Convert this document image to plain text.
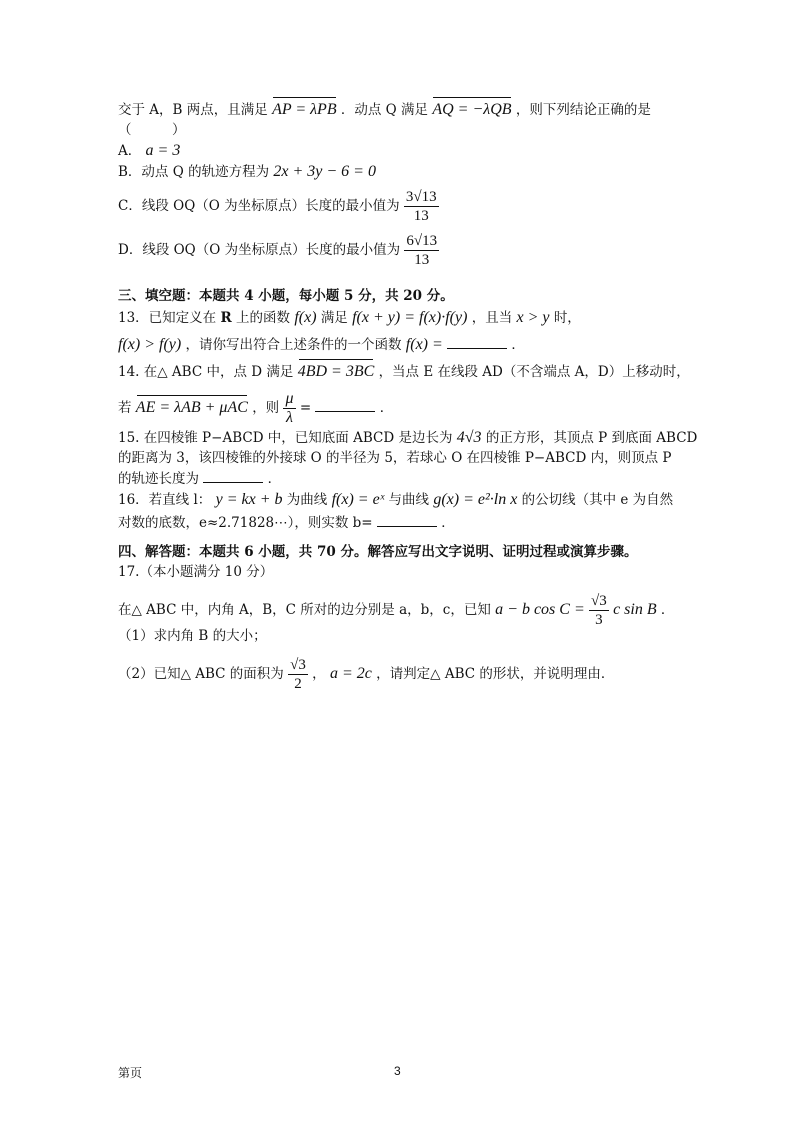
交于 A，B 两点，且满足 AP = λPB ．动点 Q 满足 AQ = −λQB ，则下列结论正确的是
（　　　）
A． a = 3
B．动点 Q 的轨迹方程为 2x + 3y − 6 = 0
C．线段 OQ（O 为坐标原点）长度的最小值为 $\frac{3√13}{13}$
D．线段 OQ（O 为坐标原点）长度的最小值为 $\frac{6√13}{13}$
三、填空题：本题共 4 小题，每小题 5 分，共 20 分。
13．已知定义在 R 上的函数 f(x) 满足 f(x + y) = f(x)·f(y) ，且当 x > y 时，
f(x) > f(y) ，请你写出符合上述条件的一个函数 f(x) =	．
14. 在△ ABC 中，点 D 满足 4BD = 3BC ，当点 E 在线段 AD（不含端点 A，D）上移动时，
若 AE = λAB + μAC ，则 $\frac{\mu}{\lambda}$ =	．
15. 在四棱锥 P−ABCD 中，已知底面 ABCD 是边长为 4√3 的正方形，其顶点 P 到底面 ABCD
的距离为 3，该四棱锥的外接球 O 的半径为 5，若球心 O 在四棱锥 P−ABCD 内，则顶点 P
的轨迹长度为	．
16．若直线 l： y = kx + b 为曲线 f(x) = eˣ 与曲线 g(x) = e²·ln x 的公切线（其中 e 为自然
对数的底数，e≈2.71828⋯），则实数 b=	．
四、解答题：本题共 6 小题，共 70 分。解答应写出文字说明、证明过程或演算步骤。
17.（本小题满分 10 分）
在△ ABC 中，内角 A，B，C 所对的边分别是 a，b，c，已知 a − b $\cos C = \frac{√3}{3}$ c sin B ．
（1）求内角 B 的大小；
（2）已知△ ABC 的面积为 $\frac{√3}{2}$ ， a = 2c ，请判定△ ABC 的形状，并说明理由．
第页	3
